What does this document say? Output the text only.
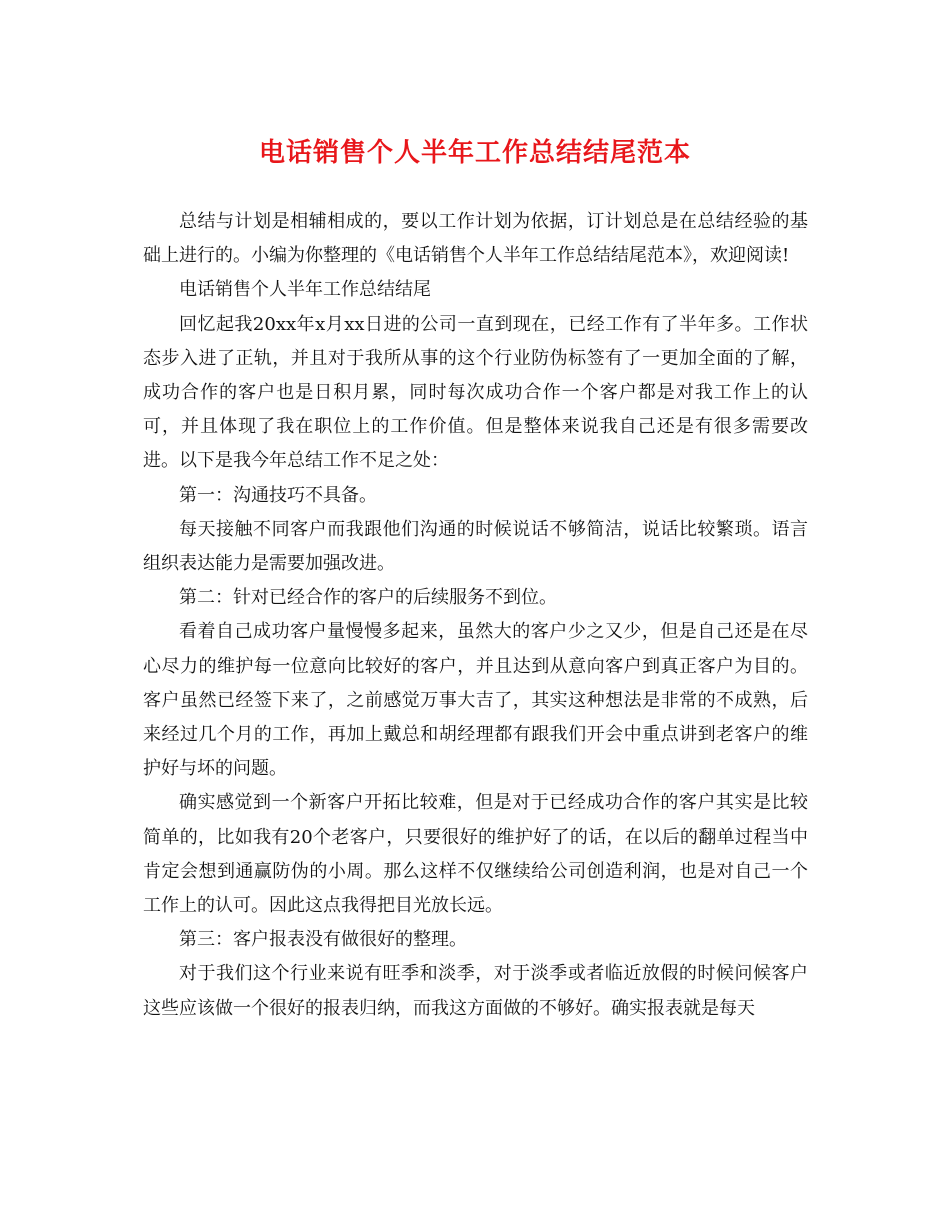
电话销售个人半年工作总结结尾范本

总结与计划是相辅相成的，要以工作计划为依据，订计划总是在总结经验的基础上进行的。小编为你整理的《电话销售个人半年工作总结结尾范本》，欢迎阅读!

电话销售个人半年工作总结结尾

回忆起我20xx年x月xx日进的公司一直到现在，已经工作有了半年多。工作状态步入进了正轨，并且对于我所从事的这个行业防伪标签有了一更加全面的了解，成功合作的客户也是日积月累，同时每次成功合作一个客户都是对我工作上的认可，并且体现了我在职位上的工作价值。但是整体来说我自己还是有很多需要改进。以下是我今年总结工作不足之处：

第一：沟通技巧不具备。

每天接触不同客户而我跟他们沟通的时候说话不够简洁，说话比较繁琐。语言组织表达能力是需要加强改进。

第二：针对已经合作的客户的后续服务不到位。

看着自己成功客户量慢慢多起来，虽然大的客户少之又少，但是自己还是在尽心尽力的维护每一位意向比较好的客户，并且达到从意向客户到真正客户为目的。客户虽然已经签下来了，之前感觉万事大吉了，其实这种想法是非常的不成熟，后来经过几个月的工作，再加上戴总和胡经理都有跟我们开会中重点讲到老客户的维护好与坏的问题。

确实感觉到一个新客户开拓比较难，但是对于已经成功合作的客户其实是比较简单的，比如我有20个老客户，只要很好的维护好了的话，在以后的翻单过程当中肯定会想到通赢防伪的小周。那么这样不仅继续给公司创造利润，也是对自己一个工作上的认可。因此这点我得把目光放长远。

第三：客户报表没有做很好的整理。

对于我们这个行业来说有旺季和淡季，对于淡季或者临近放假的时候问候客户这些应该做一个很好的报表归纳，而我这方面做的不够好。确实报表就是每天
